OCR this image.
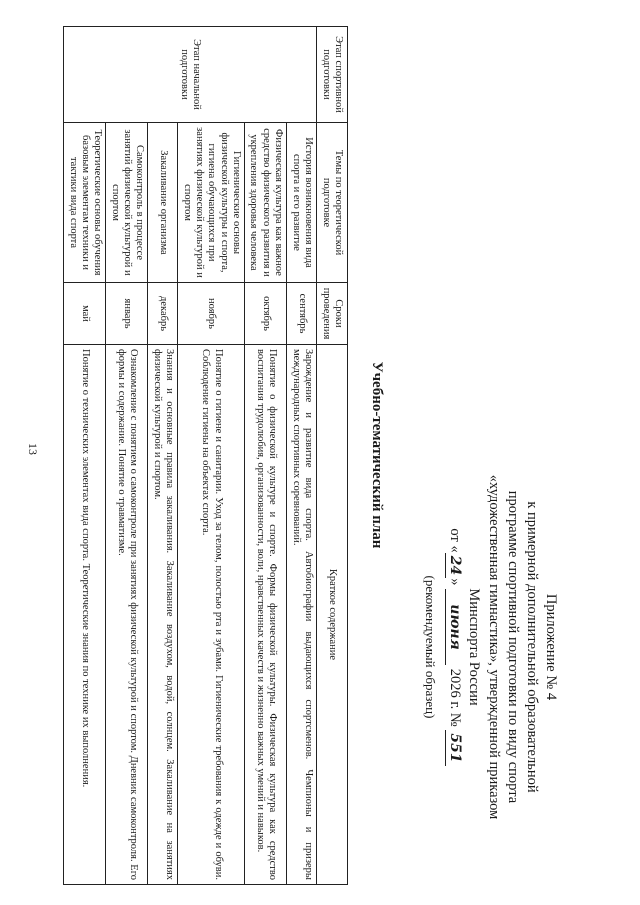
13
Приложение № 4
к примерной дополнительной образовательной
программе спортивной подготовки по виду спорта
«художественная гимнастика», утвержденной приказом
Минспорта России
от «24» июня 2026 г. № 551
(рекомендуемый образец)
Учебно-тематический план
Этап спортивной подготовки	Темы по теоретической подготовке	Сроки проведения	Краткое содержание
Этап начальной подготовки	История возникновения вида спорта и его развитие	сентябрь	Зарождение и развитие вида спорта. Автобиографии выдающихся спортсменов. Чемпионы и призеры международных спортивных соревнований.
	Физическая культура как важное средство физического развития и укрепления здоровья человека	октябрь	Понятие о физической культуре и спорте. Формы физической культуры. Физическая культура как средство воспитания трудолюбия, организованности, воли, нравственных качеств и жизненно важных умений и навыков.
	Гигиенические основы физической культуры и спорта, гигиена обучающихся при занятиях физической культурой и спортом	ноябрь	Понятие о гигиене и санитарии. Уход за телом, полостью рта и зубами. Гигиенические требования к одежде и обуви. Соблюдение гигиены на объектах спорта.
	Закаливание организма	декабрь	Знания и основные правила закаливания. Закаливание воздухом, водой, солнцем. Закаливание на занятиях физической культурой и спортом.
	Самоконтроль в процессе занятий физической культурой и спортом	январь	Ознакомление с понятием о самоконтроле при занятиях физической культурой и спортом. Дневник самоконтроля. Его формы и содержание. Понятие о травматизме.
	Теоретические основы обучения базовым элементам техники и тактики вида спорта	май	Понятие о технических элементах вида спорта. Теоретические знания по технике их выполнения.
